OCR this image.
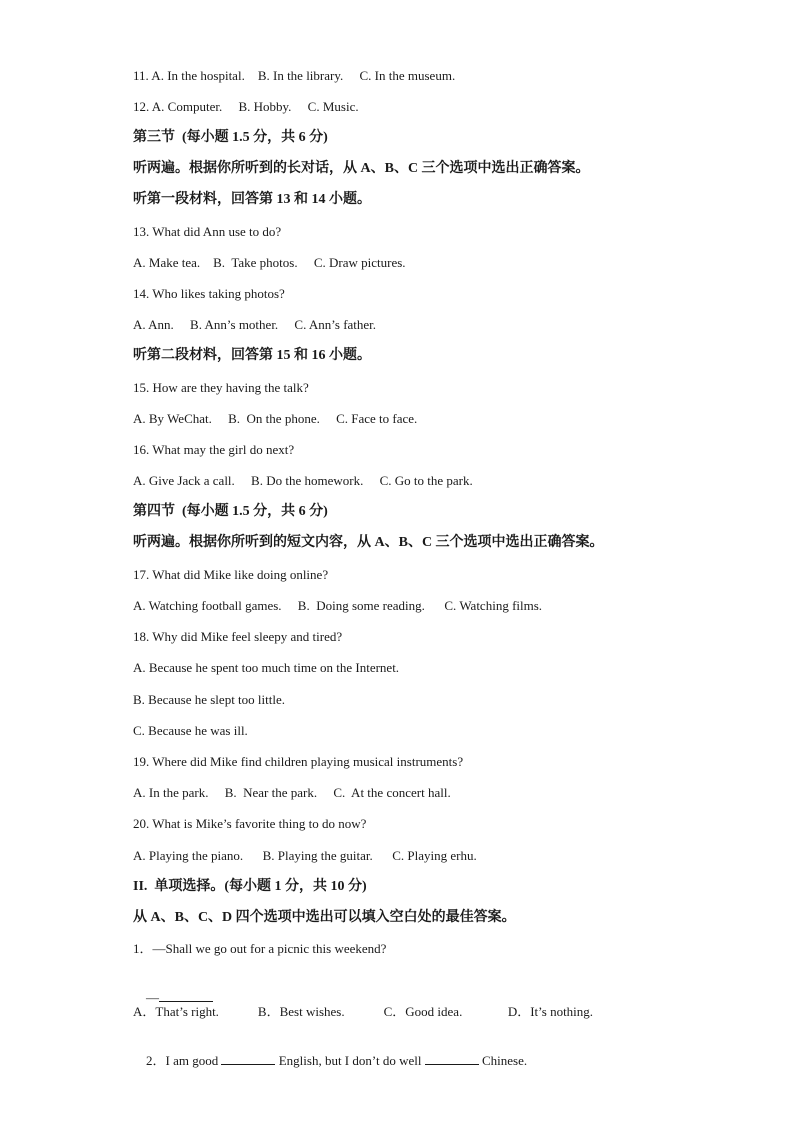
11. A. In the hospital.    B. In the library.     C. In the museum.
12. A. Computer.     B. Hobby.     C. Music.
第三节  (每小题 1.5 分，共 6 分)
听两遍。根据你所听到的长对话，从 A、B、C 三个选项中选出正确答案。
听第一段材料，回答第 13 和 14 小题。
13. What did Ann use to do?
A. Make tea.    B.  Take photos.     C. Draw pictures.
14. Who likes taking photos?
A. Ann.     B. Ann’s mother.     C. Ann’s father.
听第二段材料，回答第 15 和 16 小题。
15. How are they having the talk?
A. By WeChat.     B.  On the phone.     C. Face to face.
16. What may the girl do next?
A. Give Jack a call.     B. Do the homework.     C. Go to the park.
第四节  (每小题 1.5 分，共 6 分)
听两遍。根据你所听到的短文内容，从 A、B、C 三个选项中选出正确答案。
17. What did Mike like doing online?
A. Watching football games.     B.  Doing some reading.      C. Watching films.
18. Why did Mike feel sleepy and tired?
A. Because he spent too much time on the Internet.
B. Because he slept too little.
C. Because he was ill.
19. Where did Mike find children playing musical instruments?
A. In the park.     B.  Near the park.     C.  At the concert hall.
20. What is Mike’s favorite thing to do now?
A. Playing the piano.      B. Playing the guitar.      C. Playing erhu.
II.  单项选择。(每小题 1 分，共 10 分)
从 A、B、C、D 四个选项中选出可以填入空白处的最佳答案。
1．—Shall we go out for a picnic this weekend?

—

A．That’s right.            B．Best wishes.            C．Good idea.              D．It’s nothing.

2．I am good	English, but I don’t do well	Chinese.
